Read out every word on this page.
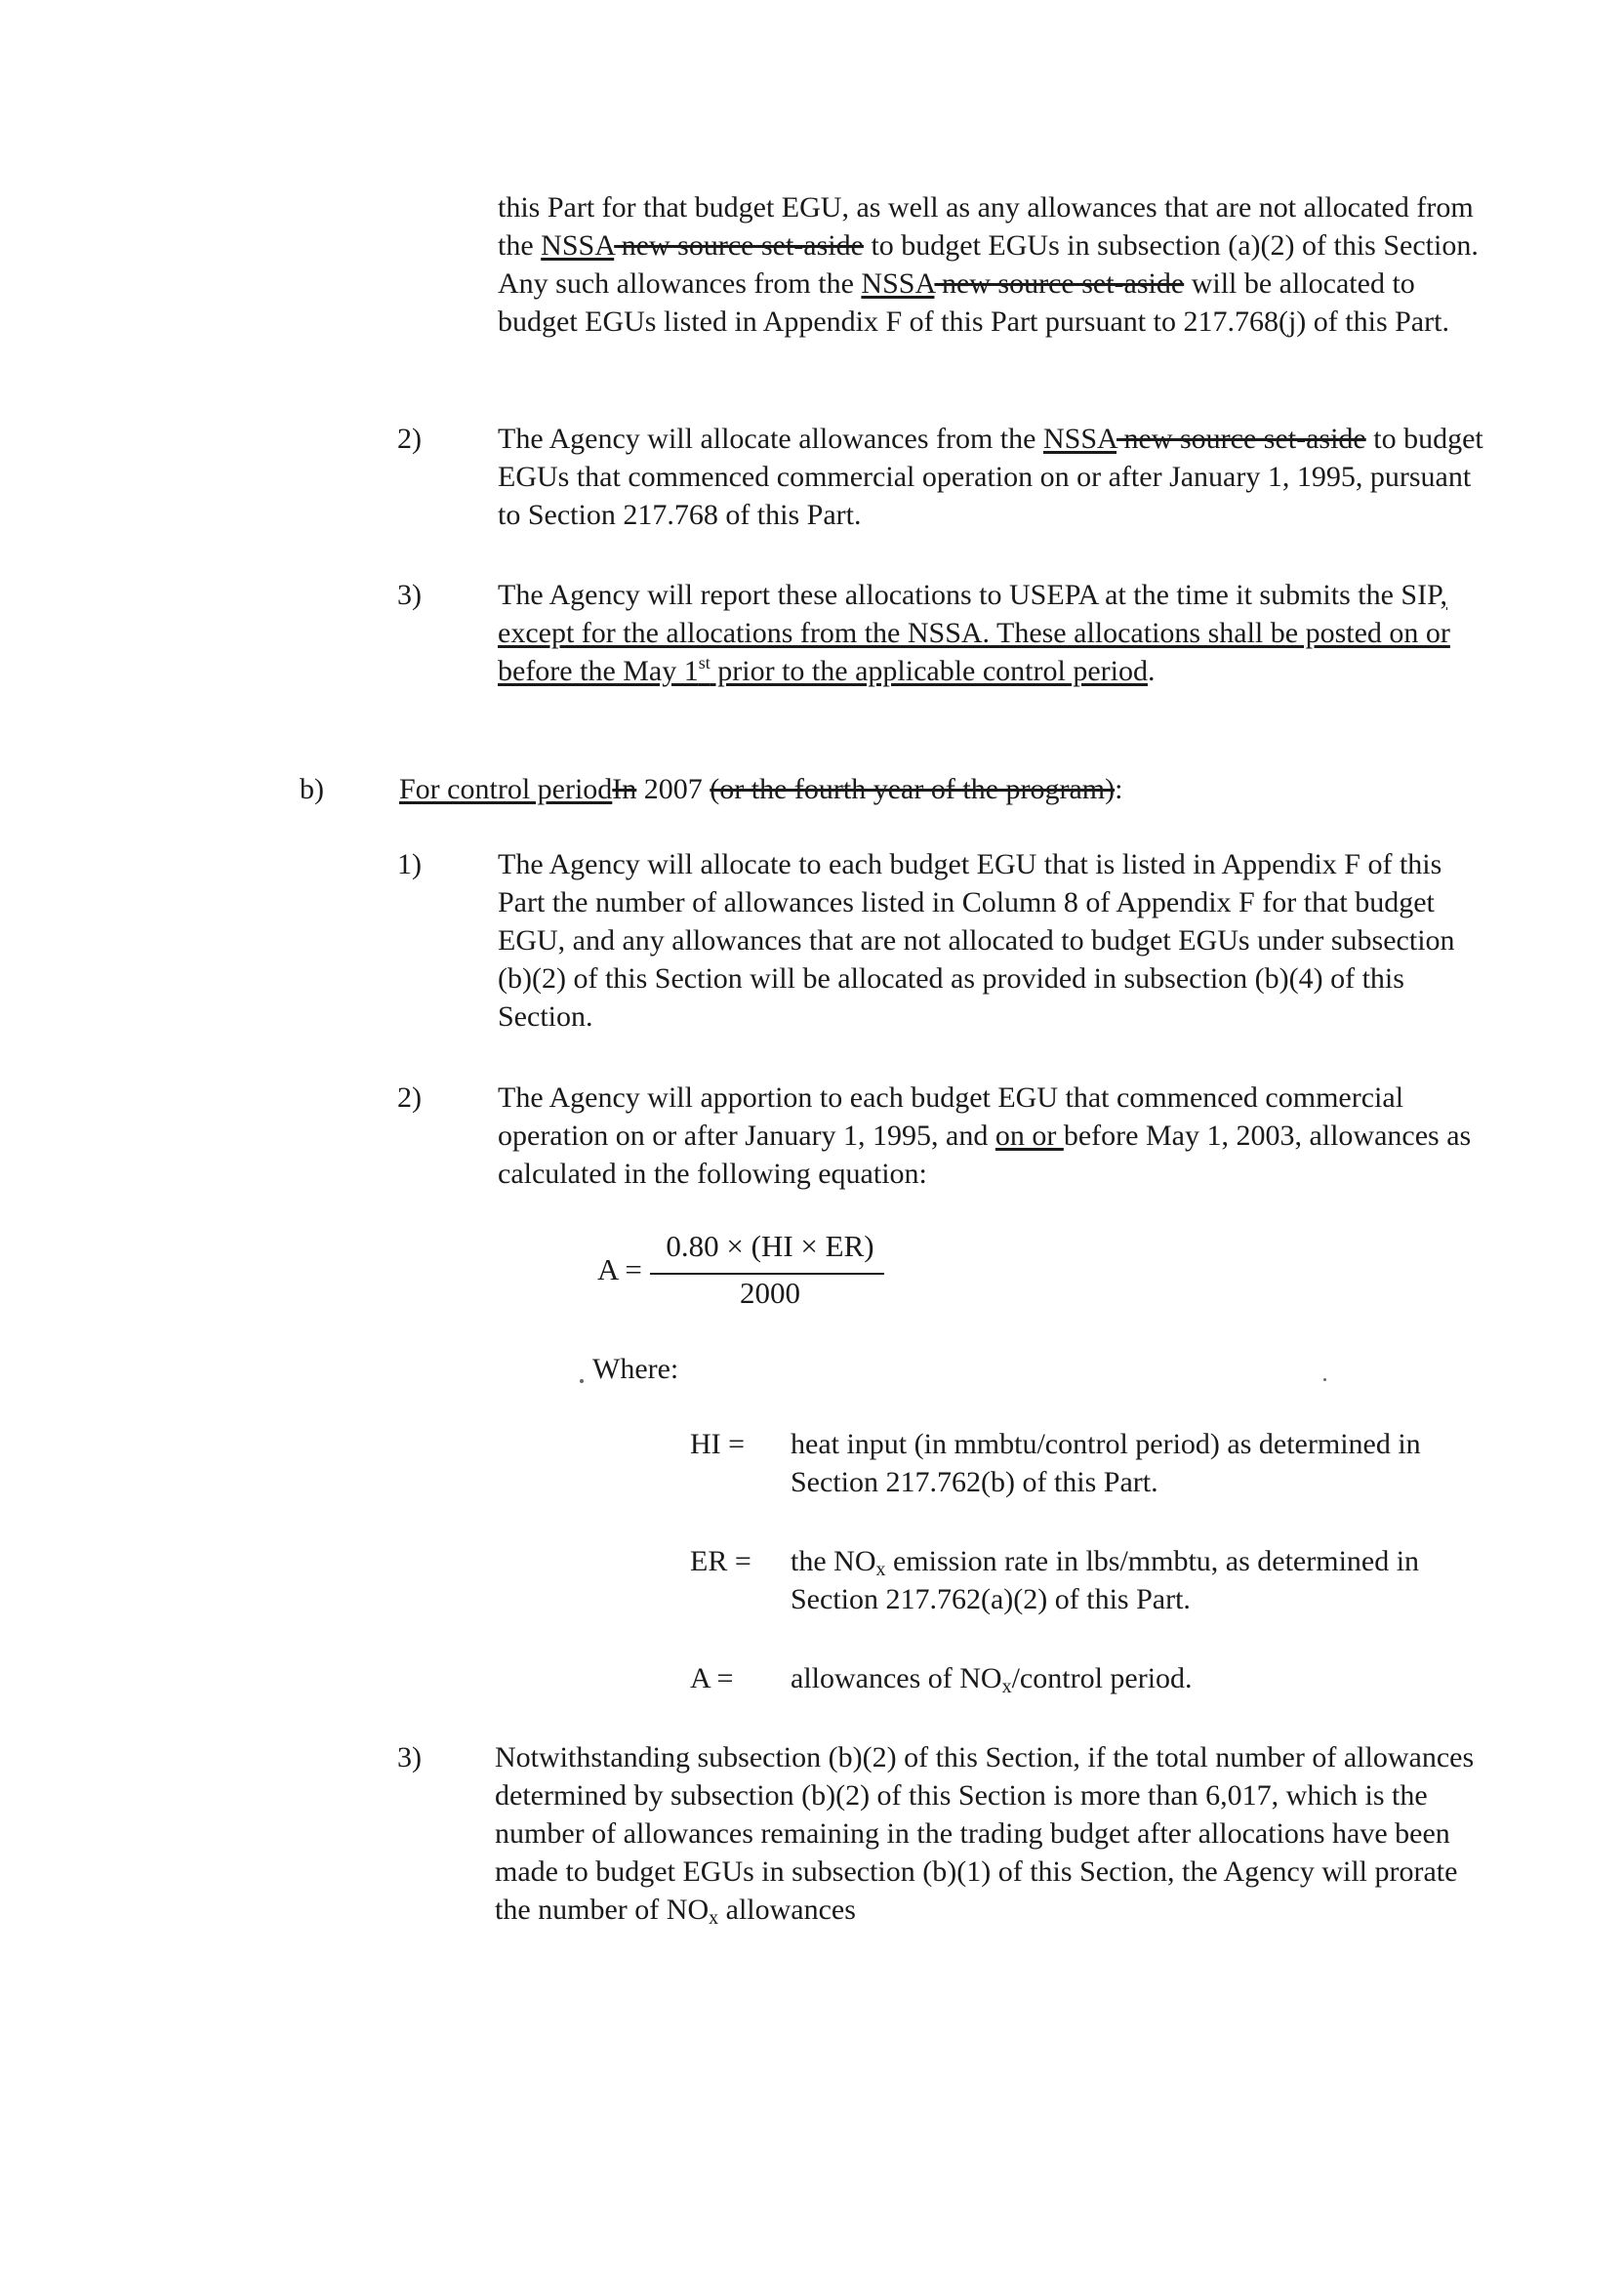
this Part for that budget EGU, as well as any allowances that are not allocated from the NSSA new source set-aside to budget EGUs in subsection (a)(2) of this Section. Any such allowances from the NSSA new source set-aside will be allocated to budget EGUs listed in Appendix F of this Part pursuant to 217.768(j) of this Part.
2)	The Agency will allocate allowances from the NSSA new source set-aside to budget EGUs that commenced commercial operation on or after January 1, 1995, pursuant to Section 217.768 of this Part.
3)	The Agency will report these allocations to USEPA at the time it submits the SIP, except for the allocations from the NSSA. These allocations shall be posted on or before the May 1st prior to the applicable control period.
b)	For control periodIn 2007 (or the fourth year of the program):
1)	The Agency will allocate to each budget EGU that is listed in Appendix F of this Part the number of allowances listed in Column 8 of Appendix F for that budget EGU, and any allowances that are not allocated to budget EGUs under subsection (b)(2) of this Section will be allocated as provided in subsection (b)(4) of this Section.
2)	The Agency will apportion to each budget EGU that commenced commercial operation on or after January 1, 1995, and on or before May 1, 2003, allowances as calculated in the following equation:
A =
0.80 × (HI × ER)
2000
Where:
HI = heat input (in mmbtu/control period) as determined in Section 217.762(b) of this Part.
ER = the $NO_x$ emission rate in lbs/mmbtu, as determined in Section 217.762(a)(2) of this Part.
A = allowances of $NO_x$/control period.
3)	Notwithstanding subsection (b)(2) of this Section, if the total number of allowances determined by subsection (b)(2) of this Section is more than 6,017, which is the number of allowances remaining in the trading budget after allocations have been made to budget EGUs in subsection (b)(1) of this Section, the Agency will prorate the number of $NO_x$ allowances
